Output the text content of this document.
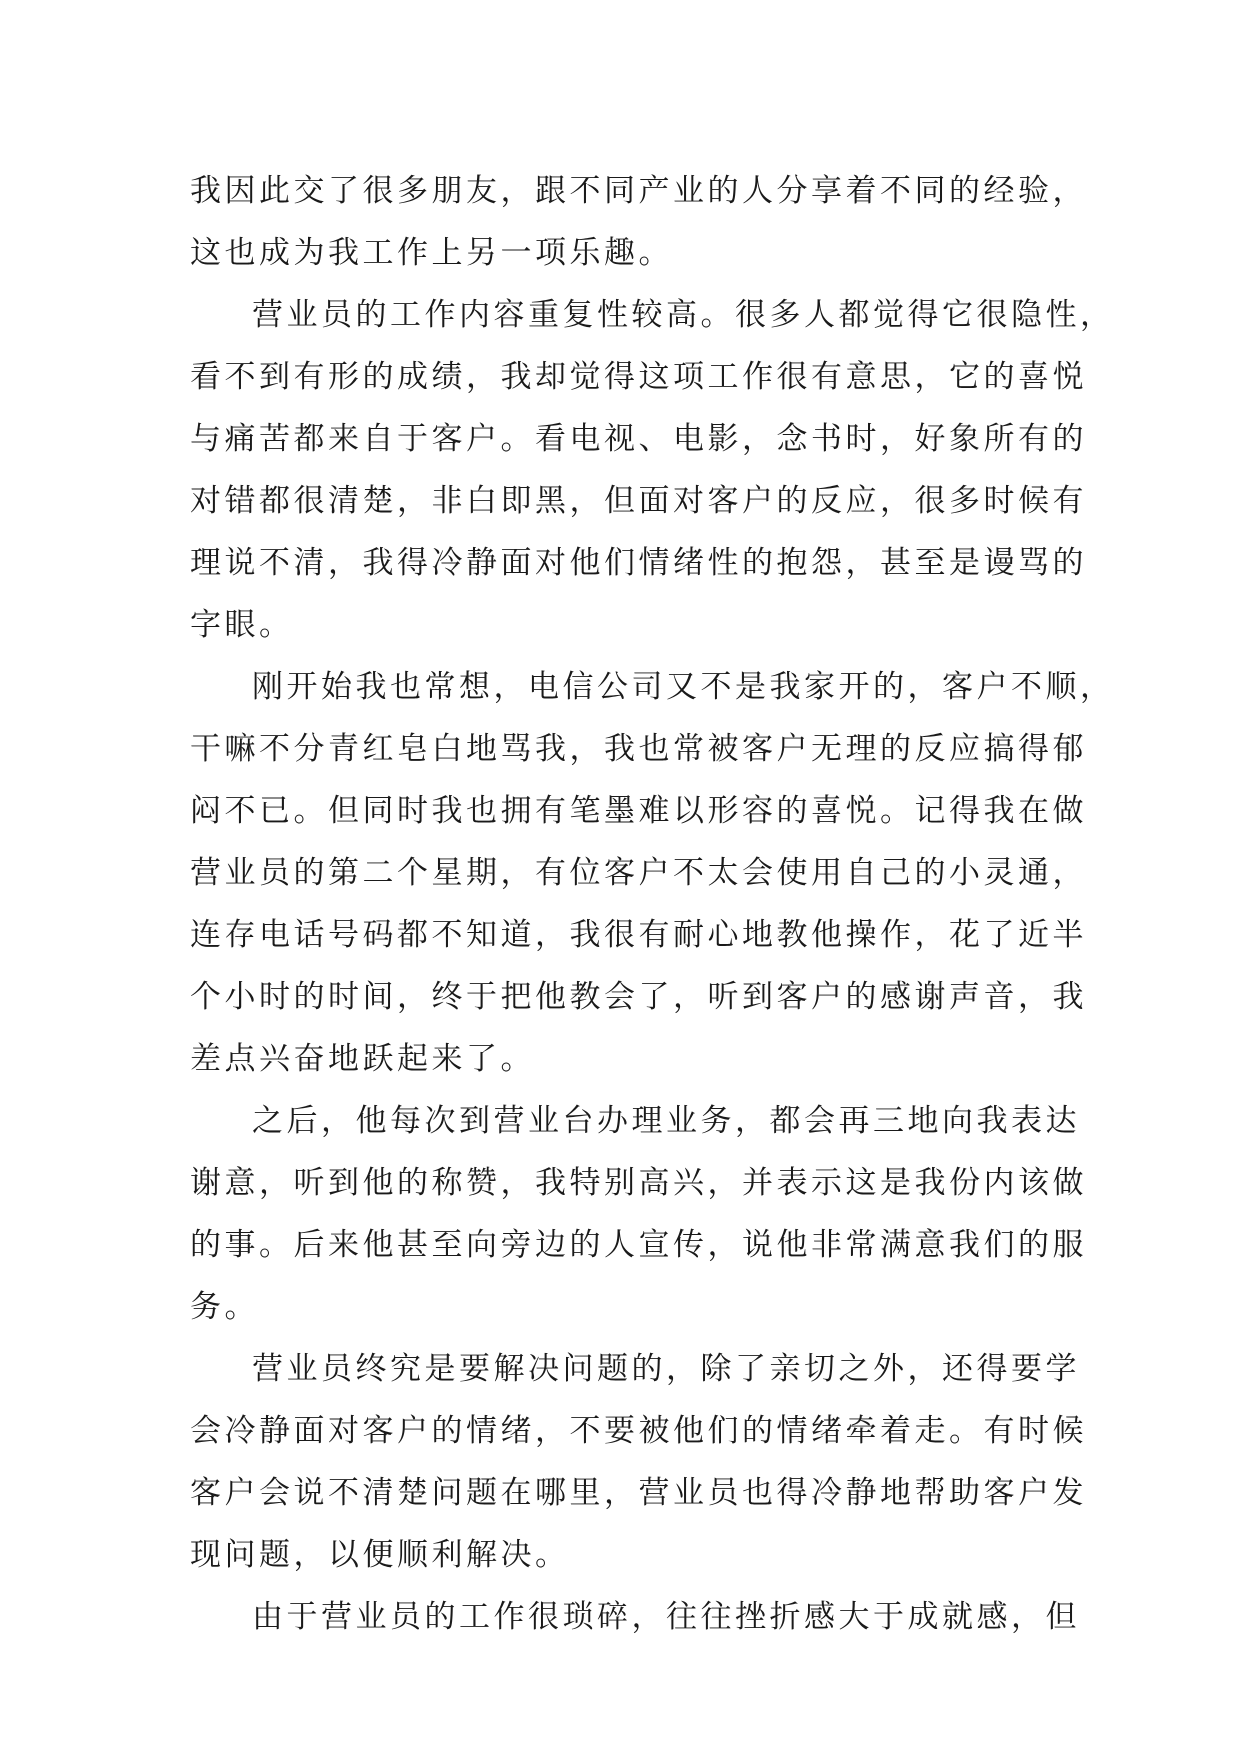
我因此交了很多朋友，跟不同产业的人分享着不同的经验，
这也成为我工作上另一项乐趣。
营业员的工作内容重复性较高。很多人都觉得它很隐性，
看不到有形的成绩，我却觉得这项工作很有意思，它的喜悦
与痛苦都来自于客户。看电视、电影，念书时，好象所有的
对错都很清楚，非白即黑，但面对客户的反应，很多时候有
理说不清，我得冷静面对他们情绪性的抱怨，甚至是谩骂的
字眼。
刚开始我也常想，电信公司又不是我家开的，客户不顺，
干嘛不分青红皂白地骂我，我也常被客户无理的反应搞得郁
闷不已。但同时我也拥有笔墨难以形容的喜悦。记得我在做
营业员的第二个星期，有位客户不太会使用自己的小灵通，
连存电话号码都不知道，我很有耐心地教他操作，花了近半
个小时的时间，终于把他教会了，听到客户的感谢声音，我
差点兴奋地跃起来了。
之后，他每次到营业台办理业务，都会再三地向我表达
谢意，听到他的称赞，我特别高兴，并表示这是我份内该做
的事。后来他甚至向旁边的人宣传，说他非常满意我们的服
务。
营业员终究是要解决问题的，除了亲切之外，还得要学
会冷静面对客户的情绪，不要被他们的情绪牵着走。有时候
客户会说不清楚问题在哪里，营业员也得冷静地帮助客户发
现问题，以便顺利解决。
由于营业员的工作很琐碎，往往挫折感大于成就感，但
